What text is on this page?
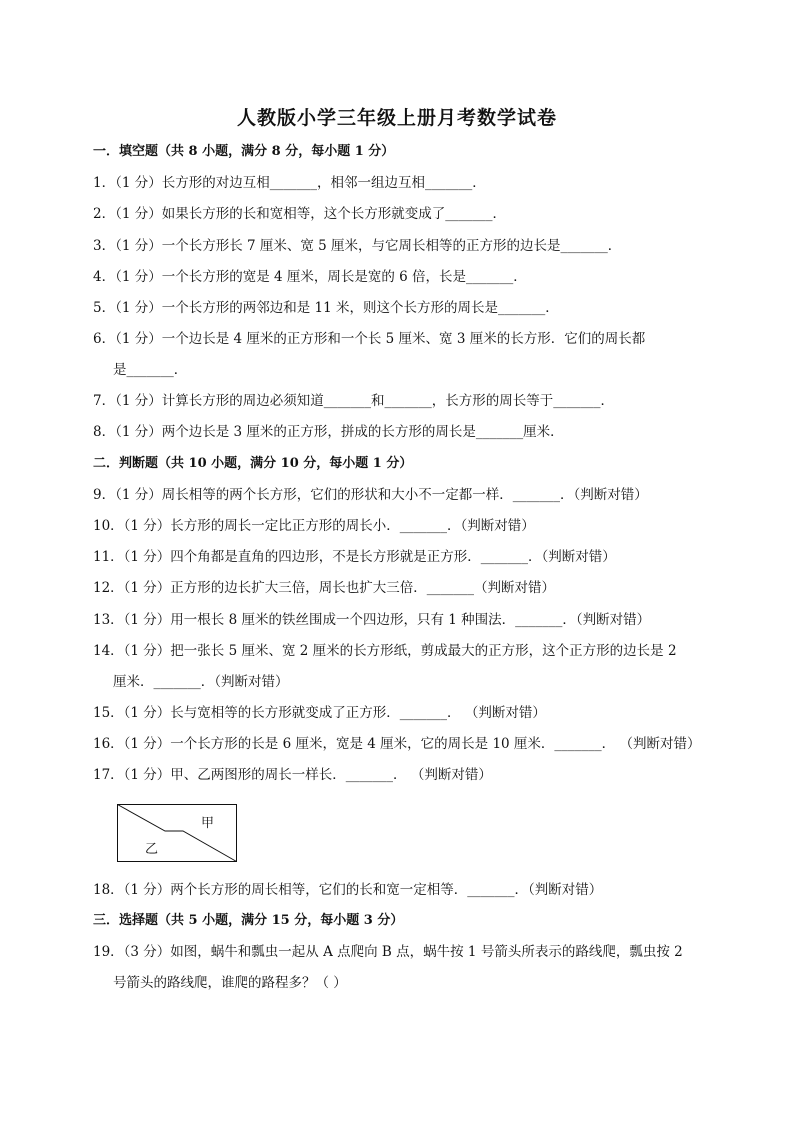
人教版小学三年级上册月考数学试卷
一．填空题（共 8 小题，满分 8 分，每小题 1 分）
1．（1 分）长方形的对边互相_______，相邻一组边互相_______．
2．（1 分）如果长方形的长和宽相等，这个长方形就变成了_______．
3．（1 分）一个长方形长 7 厘米、宽 5 厘米，与它周长相等的正方形的边长是_______．
4．（1 分）一个长方形的宽是 4 厘米，周长是宽的 6 倍，长是_______．
5．（1 分）一个长方形的两邻边和是 11 米，则这个长方形的周长是_______．
6．（1 分）一个边长是 4 厘米的正方形和一个长 5 厘米、宽 3 厘米的长方形．它们的周长都
是_______．
7．（1 分）计算长方形的周边必须知道_______和_______，长方形的周长等于_______．
8．（1 分）两个边长是 3 厘米的正方形，拼成的长方形的周长是_______厘米．
二．判断题（共 10 小题，满分 10 分，每小题 1 分）
9．（1 分）周长相等的两个长方形，它们的形状和大小不一定都一样．_______．（判断对错）
10．（1 分）长方形的周长一定比正方形的周长小．_______．（判断对错）
11．（1 分）四个角都是直角的四边形，不是长方形就是正方形．_______．（判断对错）
12．（1 分）正方形的边长扩大三倍，周长也扩大三倍．_______（判断对错）
13．（1 分）用一根长 8 厘米的铁丝围成一个四边形，只有 1 种围法．_______．（判断对错）
14．（1 分）把一张长 5 厘米、宽 2 厘米的长方形纸，剪成最大的正方形，这个正方形的边长是 2
厘米．_______．（判断对错）
15．（1 分）长与宽相等的长方形就变成了正方形．_______． （判断对错）
16．（1 分）一个长方形的长是 6 厘米，宽是 4 厘米，它的周长是 10 厘米．_______． （判断对错）
17．（1 分）甲、乙两图形的周长一样长．_______． （判断对错）
甲
乙
18．（1 分）两个长方形的周长相等，它们的长和宽一定相等．_______．（判断对错）
三．选择题（共 5 小题，满分 15 分，每小题 3 分）
19．（3 分）如图，蜗牛和瓢虫一起从 A 点爬向 B 点，蜗牛按 1 号箭头所表示的路线爬，瓢虫按 2
号箭头的路线爬，谁爬的路程多？（ ）
